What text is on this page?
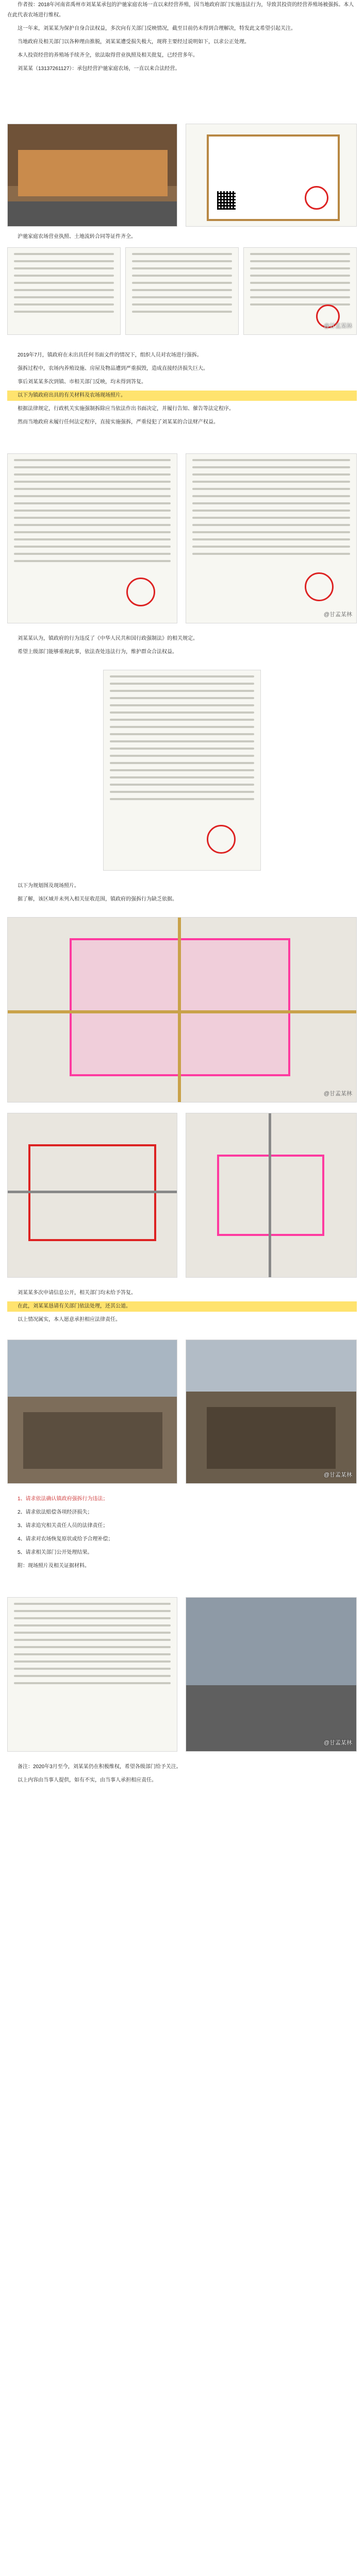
作者按：2018年河南省禹州市刘某某承包的沪驰家庭农场一直以来经营养殖，因当地政府部门实施违法行为，导致其投资的经营养殖场被强拆。本人在此代表农场进行维权。

这一年来，刘某某为保护自身合法权益，多次向有关部门反映情况，截至目前仍未得到合理解决，特发此文希望引起关注。

当地政府及相关部门以各种理由推脱，刘某某遭受损失极大，现将主要经过说明如下，以求公正处理。

本人投资经营的养殖场手续齐全，依法取得营业执照及相关批复，已经营多年。

刘某某（13137261127）：承包经营沪驰家庭农场，一直以来合法经营。

沪驰家庭农场营业执照、土地流转合同等证件齐全。

@甘孟某林

2019年7月，镇政府在未出具任何书面文件的情况下，组织人员对农场进行强拆。

强拆过程中，农场内养殖设施、房屋及物品遭到严重损毁，造成直接经济损失巨大。

事后刘某某多次到镇、市相关部门反映，均未得到答复。

以下为镇政府出具的有关材料及农场现场照片。

根据法律规定，行政机关实施强制拆除应当依法作出书面决定，并履行告知、催告等法定程序。

然而当地政府未履行任何法定程序，直接实施强拆，严重侵犯了刘某某的合法财产权益。

@甘孟某林

刘某某认为，镇政府的行为违反了《中华人民共和国行政强制法》的相关规定。

希望上级部门能够重视此事，依法查处违法行为，维护群众合法权益。

以下为规划图及现场照片。

据了解，该区域并未列入相关征收范围，镇政府的强拆行为缺乏依据。

@甘孟某林

刘某某多次申请信息公开，相关部门均未给予答复。

在此，刘某某恳请有关部门依法处理，还其公道。

以上情况属实，本人愿意承担相应法律责任。

@甘孟某林

1、请求依法确认镇政府强拆行为违法；

2、请求依法赔偿各项经济损失；

3、请求追究相关责任人员的法律责任；

4、请求对农场恢复原状或给予合理补偿；

5、请求相关部门公开处理结果。

附：现场照片及相关证据材料。

@甘孟某林

备注：2020年3月至今，刘某某仍在积极维权，希望各级部门给予关注。

以上内容由当事人提供，如有不实，由当事人承担相应责任。
